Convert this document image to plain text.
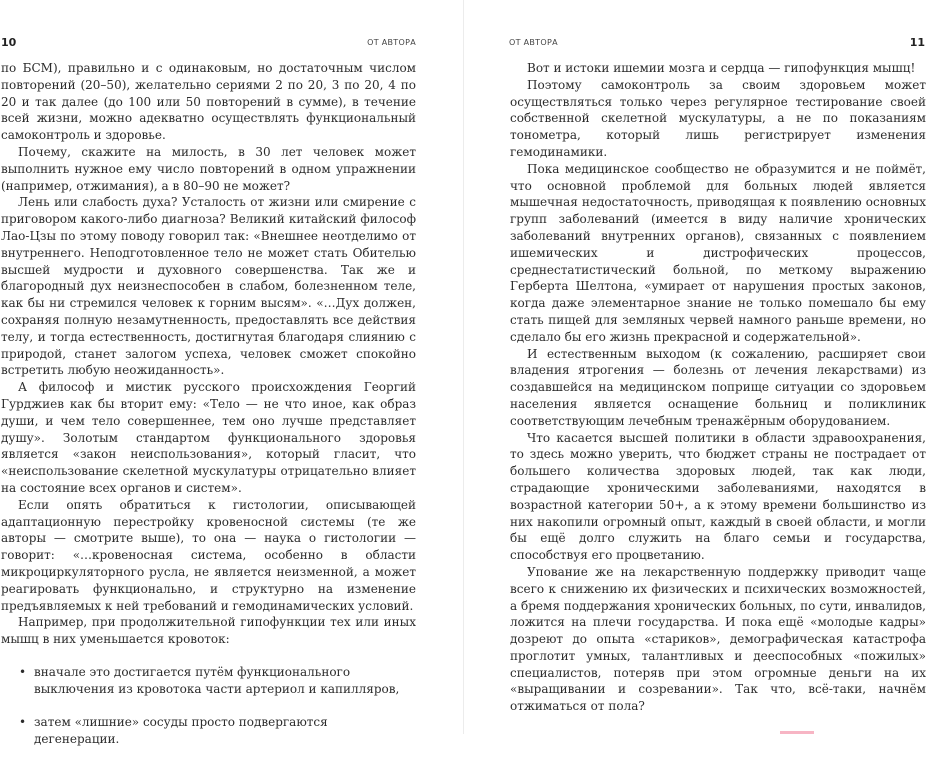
10	ОТ АВТОРА

по БСМ), правильно и с одинаковым, но достаточным числом повторений (20–50), желательно сериями 2 по 20, 3 по 20, 4 по 20 и так далее (до 100 или 50 повторений в сумме), в течение всей жизни, можно адекватно осуществлять функциональный самоконтроль и здоровье.

Почему, скажите на милость, в 30 лет человек может выполнить нужное ему число повторений в одном упражнении (например, отжимания), а в 80–90 не может?

Лень или слабость духа? Усталость от жизни или смирение с приговором какого-либо диагноза? Великий китайский философ Лао-Цзы по этому поводу говорил так: «Внешнее неотделимо от внутреннего. Неподготовленное тело не может стать Обителью высшей мудрости и духовного совершенства. Так же и благородный дух неизнеспособен в слабом, болезненном теле, как бы ни стремился человек к горним высям». «…Дух должен, сохраняя полную незамутненность, предоставлять все действия телу, и тогда естественность, достигнутая благодаря слиянию с природой, станет залогом успеха, человек сможет спокойно встретить любую неожиданность».

А философ и мистик русского происхождения Георгий Гурджиев как бы вторит ему: «Тело — не что иное, как образ души, и чем тело совершеннее, тем оно лучше представляет душу». Золотым стандартом функционального здоровья является «закон неиспользования», который гласит, что «неиспользование скелетной мускулатуры отрицательно влияет на состояние всех органов и систем».

Если опять обратиться к гистологии, описывающей адаптационную перестройку кровеносной системы (те же авторы — смотрите выше), то она — наука о гистологии — говорит: «…кровеносная система, особенно в области микроциркуляторного русла, не является неизменной, а может реагировать функционально, и структурно на изменение предъявляемых к ней требований и гемодинамических условий.

Например, при продолжительной гипофункции тех или иных мышц в них уменьшается кровоток:

• вначале это достигается путём функционального выключения из кровотока части артериол и капилляров,
• затем «лишние» сосуды просто подвергаются дегенерации.
ОТ АВТОРА	11

Вот и истоки ишемии мозга и сердца — гипофункция мышц!

Поэтому самоконтроль за своим здоровьем может осуществляться только через регулярное тестирование своей собственной скелетной мускулатуры, а не по показаниям тонометра, который лишь регистрирует изменения гемодинамики.

Пока медицинское сообщество не образумится и не поймёт, что основной проблемой для больных людей является мышечная недостаточность, приводящая к появлению основных групп заболеваний (имеется в виду наличие хронических заболеваний внутренних органов), связанных с появлением ишемических и дистрофических процессов, среднестатистический больной, по меткому выражению Герберта Шелтона, «умирает от нарушения простых законов, когда даже элементарное знание не только помешало бы ему стать пищей для земляных червей намного раньше времени, но сделало бы его жизнь прекрасной и содержательной».

И естественным выходом (к сожалению, расширяет свои владения ятрогения — болезнь от лечения лекарствами) из создавшейся на медицинском поприще ситуации со здоровьем населения является оснащение больниц и поликлиник соответствующим лечебным тренажёрным оборудованием.

Что касается высшей политики в области здравоохранения, то здесь можно уверить, что бюджет страны не пострадает от большего количества здоровых людей, так как люди, страдающие хроническими заболеваниями, находятся в возрастной категории 50+, а к этому времени большинство из них накопили огромный опыт, каждый в своей области, и могли бы ещё долго служить на благо семьи и государства, способствуя его процветанию.

Упование же на лекарственную поддержку приводит чаще всего к снижению их физических и психических возможностей, а бремя поддержания хронических больных, по сути, инвалидов, ложится на плечи государства. И пока ещё «молодые кадры» дозреют до опыта «стариков», демографическая катастрофа проглотит умных, талантливых и дееспособных «пожилых» специалистов, потеряв при этом огромные деньги на их «выращивании и созревании». Так что, всё-таки, начнём отжиматься от пола?
